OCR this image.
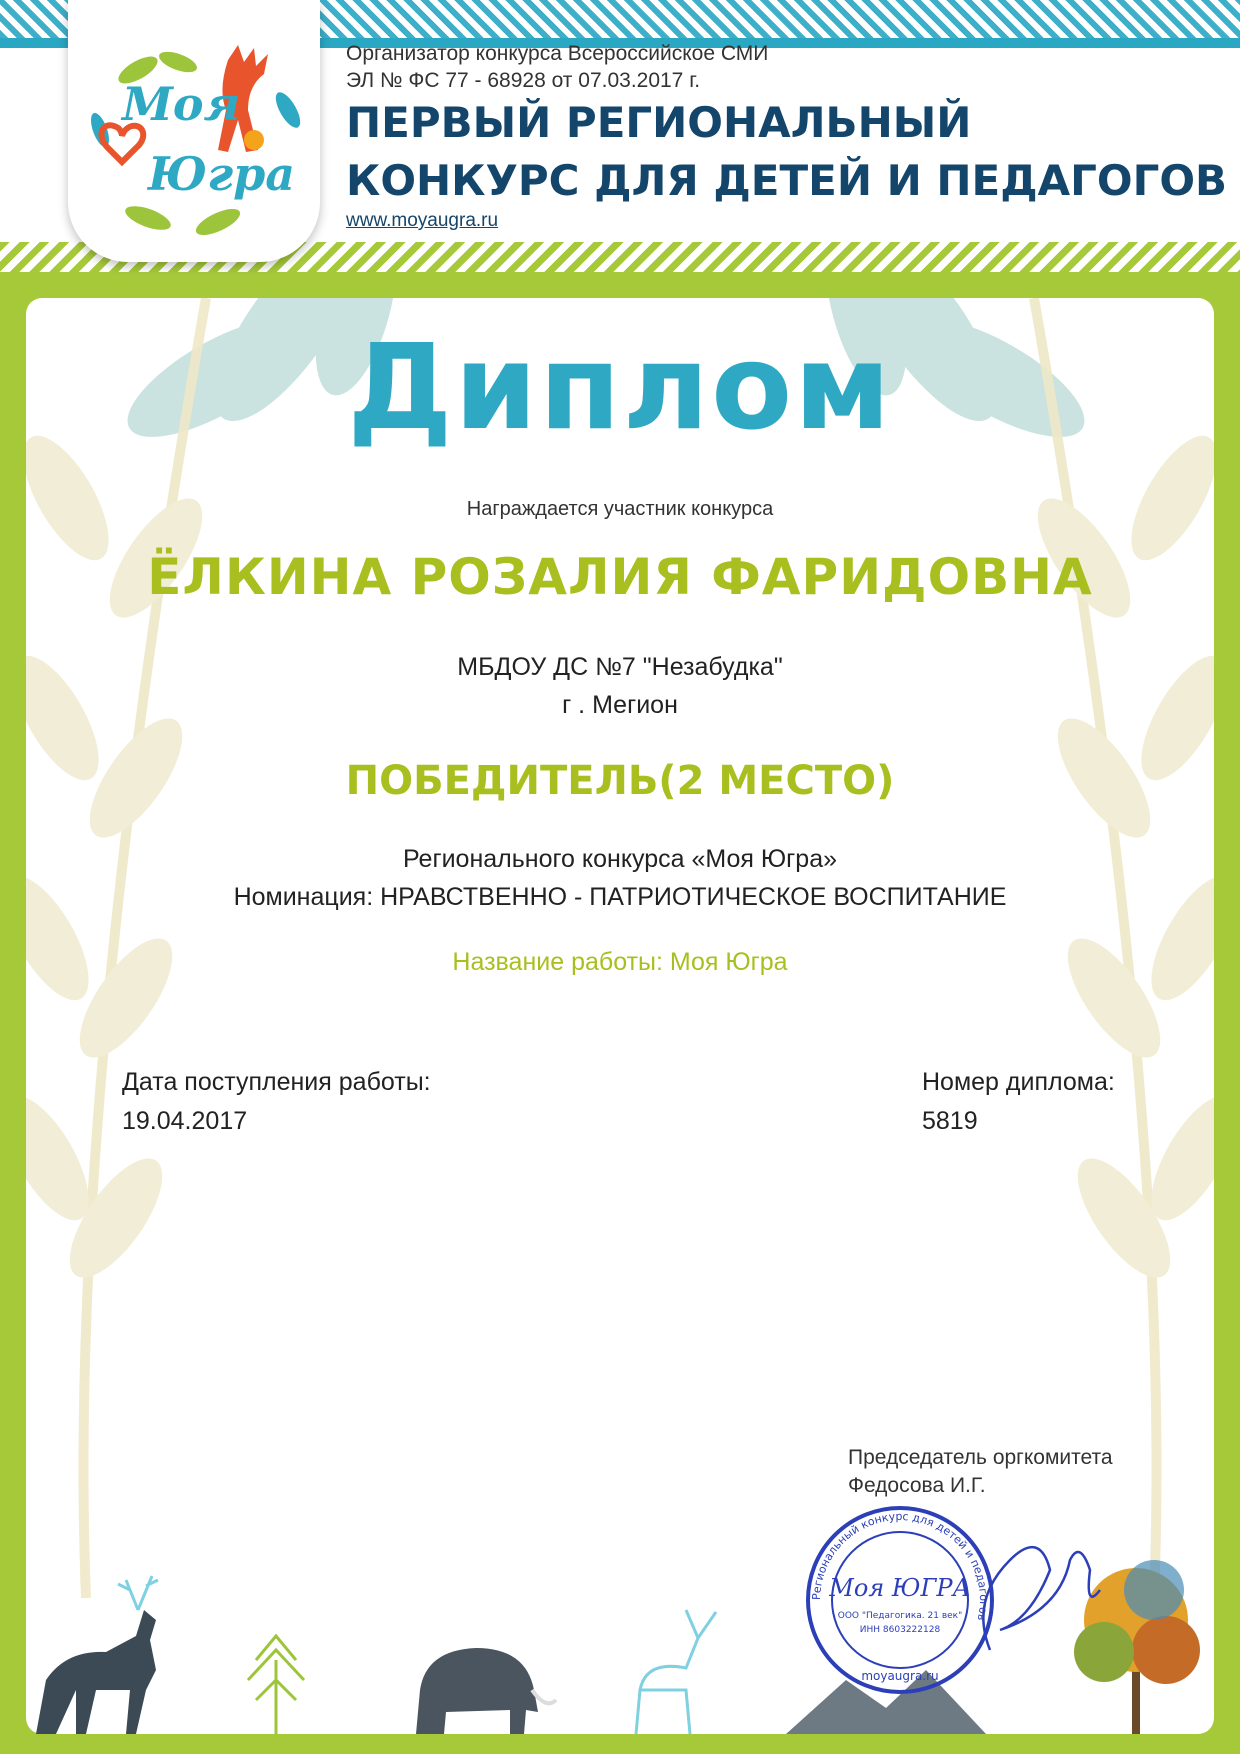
Моя
Югра
Организатор конкурса Всероссийское СМИ
ЭЛ № ФС 77 - 68928 от 07.03.2017 г.
ПЕРВЫЙ РЕГИОНАЛЬНЫЙ
КОНКУРС ДЛЯ ДЕТЕЙ И ПЕДАГОГОВ
www.moyaugra.ru
Диплом
Награждается участник конкурса
ЁЛКИНА РОЗАЛИЯ ФАРИДОВНА
МБДОУ ДС №7 "Незабудка"
г . Мегион
ПОБЕДИТЕЛЬ(2 МЕСТО)
Регионального конкурса «Моя Югра»
Номинация: НРАВСТВЕННО - ПАТРИОТИЧЕСКОЕ ВОСПИТАНИЕ
Название работы: Моя Югра
Дата поступления работы:
19.04.2017
Номер диплома:
5819
Председатель оргкомитета
Федосова И.Г.
Региональный конкурс для детей и педагогов
Моя ЮГРА
ООО "Педагогика. 21 век"
ИНН 8603222128
moyaugra.ru
